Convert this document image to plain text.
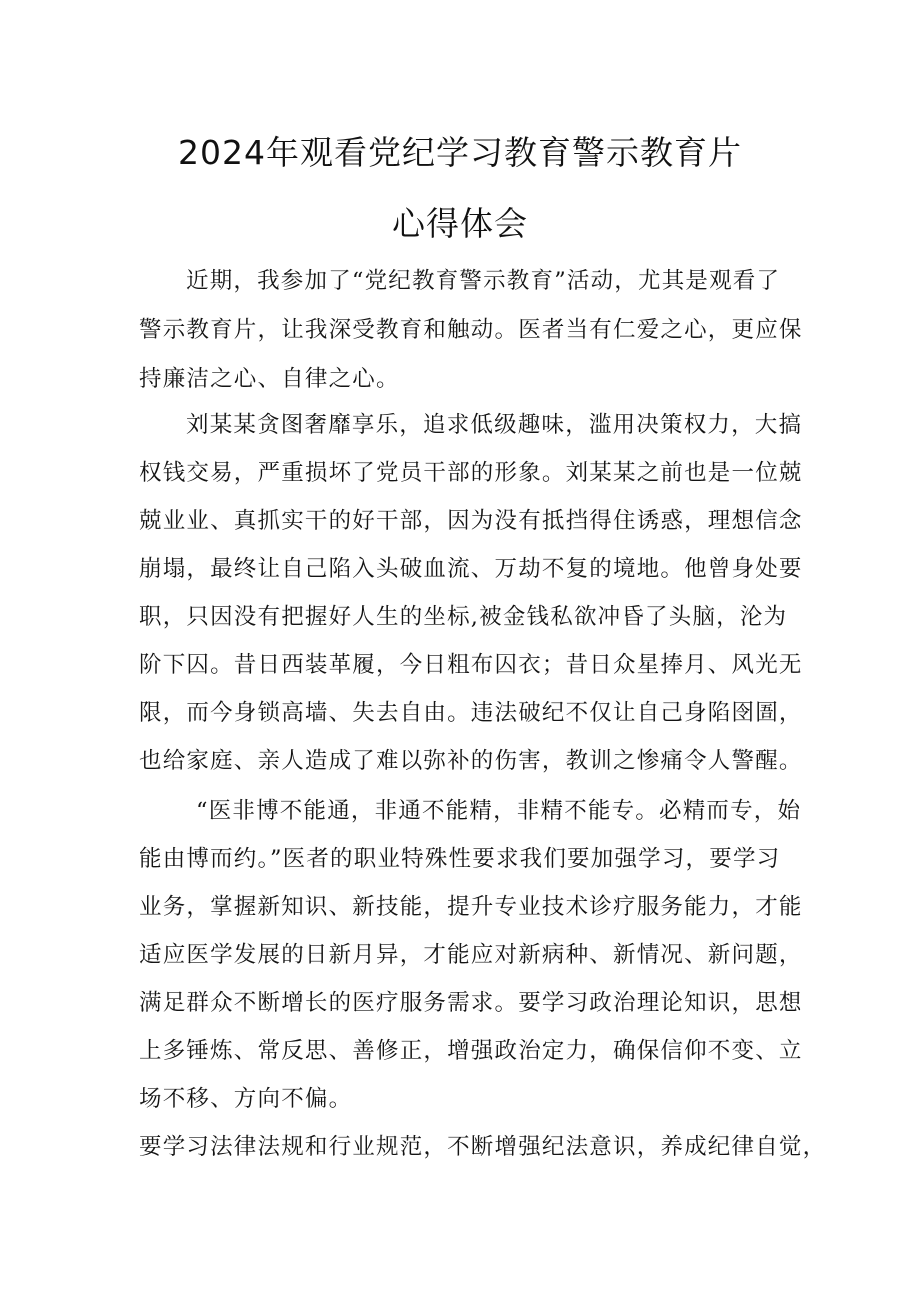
2024年观看党纪学习教育警示教育片
心得体会
近期，我参加了“党纪教育警示教育”活动，尤其是观看了
警示教育片，让我深受教育和触动。医者当有仁爱之心，更应保
持廉洁之心、自律之心。
刘某某贪图奢靡享乐，追求低级趣味，滥用决策权力，大搞
权钱交易，严重损坏了党员干部的形象。刘某某之前也是一位兢
兢业业、真抓实干的好干部，因为没有抵挡得住诱惑，理想信念
崩塌，最终让自己陷入头破血流、万劫不复的境地。他曾身处要
职，只因没有把握好人生的坐标,被金钱私欲冲昏了头脑，沦为
阶下囚。昔日西装革履，今日粗布囚衣；昔日众星捧月、风光无
限，而今身锁高墙、失去自由。违法破纪不仅让自己身陷囹圄，
也给家庭、亲人造成了难以弥补的伤害，教训之惨痛令人警醒。
“医非博不能通，非通不能精，非精不能专。必精而专，始
能由博而约。”医者的职业特殊性要求我们要加强学习，要学习
业务，掌握新知识、新技能，提升专业技术诊疗服务能力，才能
适应医学发展的日新月异，才能应对新病种、新情况、新问题，
满足群众不断增长的医疗服务需求。要学习政治理论知识，思想
上多锤炼、常反思、善修正，增强政治定力，确保信仰不变、立
场不移、方向不偏。
要学习法律法规和行业规范，不断增强纪法意识，养成纪律自觉，
